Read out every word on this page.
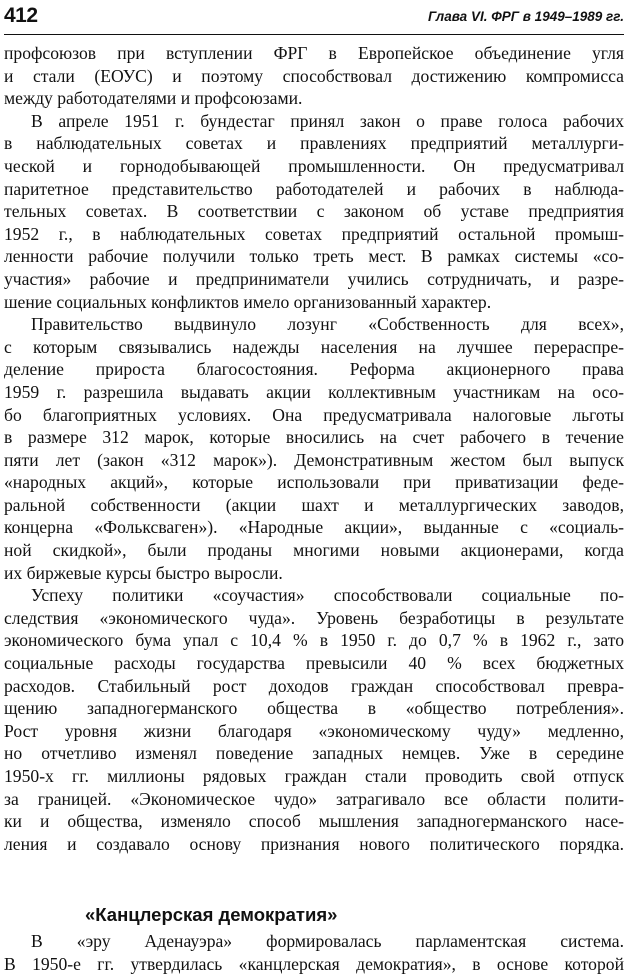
412	Глава VI. ФРГ в 1949–1989 гг.
профсоюзов при вступлении ФРГ в Европейское объединение угля
и стали (ЕОУС) и поэтому способствовал достижению компромисса
между работодателями и профсоюзами.
В апреле 1951 г. бундестаг принял закон о праве голоса рабочих
в наблюдательных советах и правлениях предприятий металлурги-
ческой и горнодобывающей промышленности. Он предусматривал
паритетное представительство работодателей и рабочих в наблюда-
тельных советах. В соответствии с законом об уставе предприятия
1952 г., в наблюдательных советах предприятий остальной промыш-
ленности рабочие получили только треть мест. В рамках системы «со-
участия» рабочие и предприниматели учились сотрудничать, и разре-
шение социальных конфликтов имело организованный характер.
Правительство выдвинуло лозунг «Собственность для всех»,
с которым связывались надежды населения на лучшее перераспре-
деление прироста благосостояния. Реформа акционерного права
1959 г. разрешила выдавать акции коллективным участникам на осо-
бо благоприятных условиях. Она предусматривала налоговые льготы
в размере 312 марок, которые вносились на счет рабочего в течение
пяти лет (закон «312 марок»). Демонстративным жестом был выпуск
«народных акций», которые использовали при приватизации феде-
ральной собственности (акции шахт и металлургических заводов,
концерна «Фольксваген»). «Народные акции», выданные с «социаль-
ной скидкой», были проданы многими новыми акционерами, когда
их биржевые курсы быстро выросли.
Успеху политики «соучастия» способствовали социальные по-
следствия «экономического чуда». Уровень безработицы в результате
экономического бума упал с 10,4 % в 1950 г. до 0,7 % в 1962 г., зато
социальные расходы государства превысили 40 % всех бюджетных
расходов. Стабильный рост доходов граждан способствовал превра-
щению западногерманского общества в «общество потребления».
Рост уровня жизни благодаря «экономическому чуду» медленно,
но отчетливо изменял поведение западных немцев. Уже в середине
1950-х гг. миллионы рядовых граждан стали проводить свой отпуск
за границей. «Экономическое чудо» затрагивало все области полити-
ки и общества, изменяло способ мышления западногерманского насе-
ления и создавало основу признания нового политического порядка.
«Канцлерская демократия»
В «эру Аденауэра» формировалась парламентская система.
В 1950-е гг. утвердилась «канцлерская демократия», в основе которой
